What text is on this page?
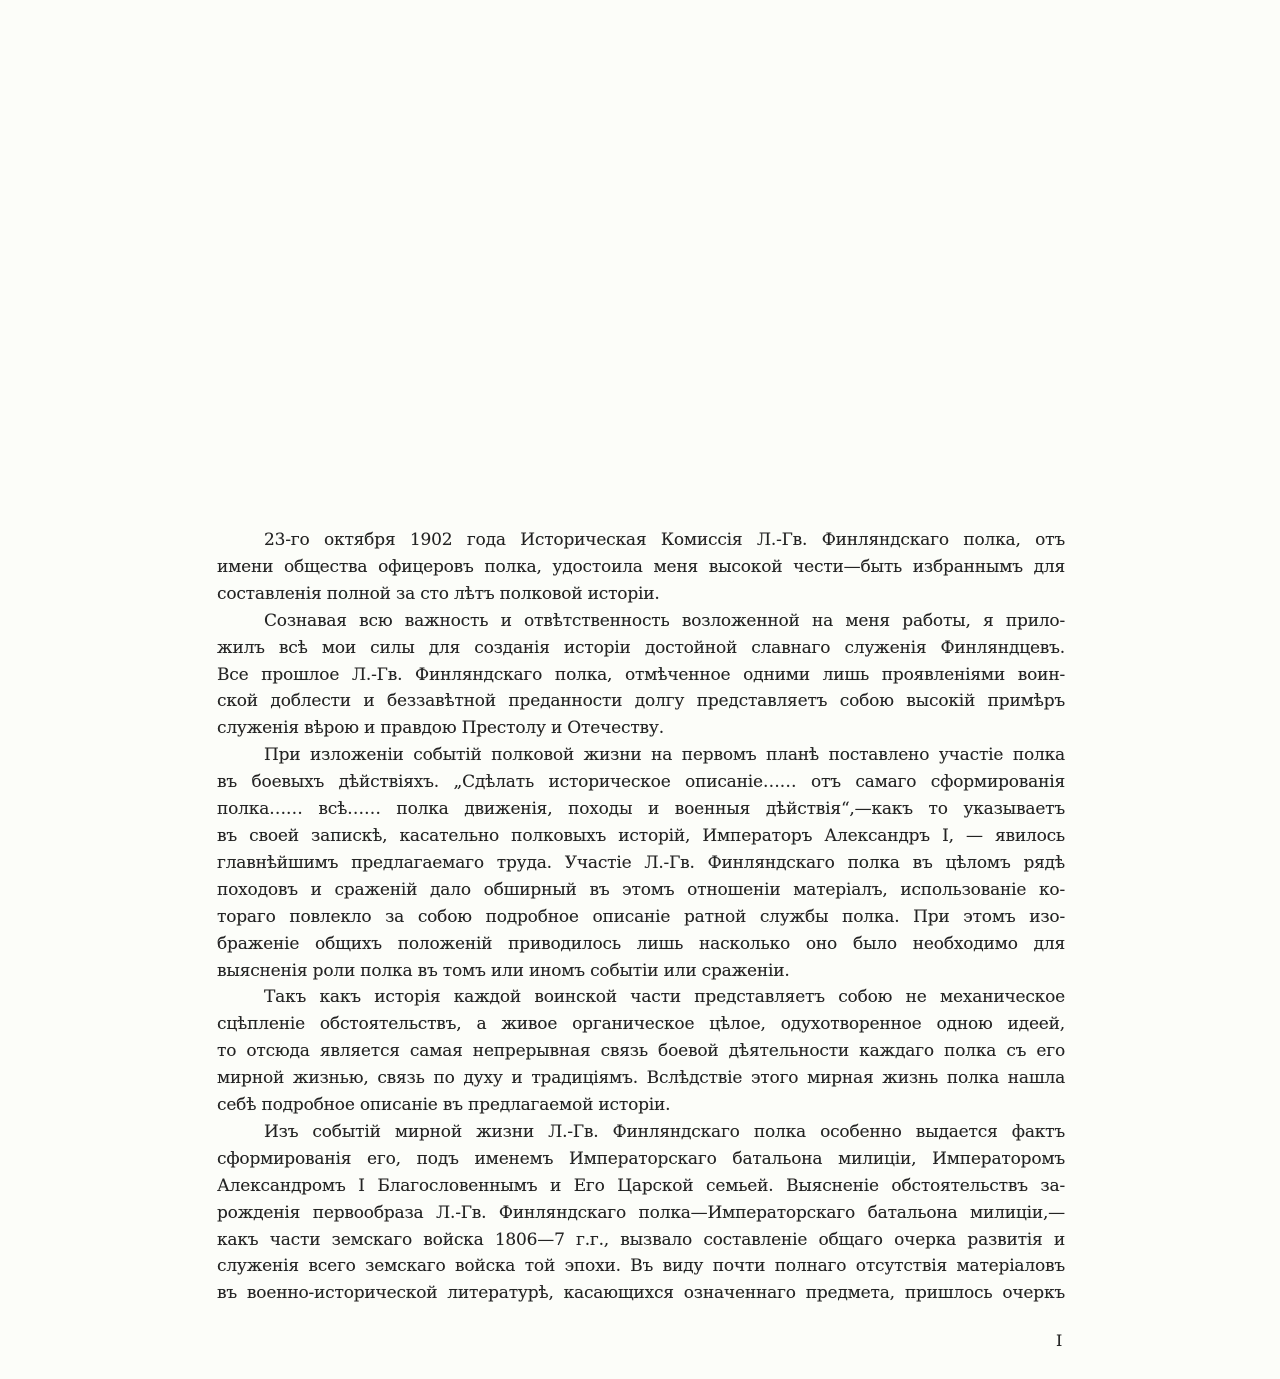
23-го октября 1902 года Историческая Комиссія Л.-Гв. Финляндскаго полка, отъ
имени общества офицеровъ полка, удостоила меня высокой чести—быть избраннымъ для
составленія полной за сто лѣтъ полковой исторіи.
Сознавая всю важность и отвѣтственность возложенной на меня работы, я прило-
жилъ всѣ мои силы для созданія исторіи достойной славнаго служенія Финляндцевъ.
Все прошлое Л.-Гв. Финляндскаго полка, отмѣченное одними лишь проявленіями воин-
ской доблести и беззавѣтной преданности долгу представляетъ собою высокій примѣръ
служенія вѣрою и правдою Престолу и Отечеству.
При изложеніи событій полковой жизни на первомъ планѣ поставлено участіе полка
въ боевыхъ дѣйствіяхъ. „Сдѣлать историческое описаніе…… отъ самаго сформированія
полка…… всѣ…… полка движенія, походы и военныя дѣйствія“,—какъ то указываетъ
въ своей запискѣ, касательно полковыхъ исторій, Императоръ Александръ I, — явилось
главнѣйшимъ предлагаемаго труда. Участіе Л.-Гв. Финляндскаго полка въ цѣломъ рядѣ
походовъ и сраженій дало обширный въ этомъ отношеніи матеріалъ, использованіе ко-
тораго повлекло за собою подробное описаніе ратной службы полка. При этомъ изо-
браженіе общихъ положеній приводилось лишь насколько оно было необходимо для
выясненія роли полка въ томъ или иномъ событіи или сраженіи.
Такъ какъ исторія каждой воинской части представляетъ собою не механическое
сцѣпленіе обстоятельствъ, а живое органическое цѣлое, одухотворенное одною идеей,
то отсюда является самая непрерывная связь боевой дѣятельности каждаго полка съ его
мирной жизнью, связь по духу и традиціямъ. Вслѣдствіе этого мирная жизнь полка нашла
себѣ подробное описаніе въ предлагаемой исторіи.
Изъ событій мирной жизни Л.-Гв. Финляндскаго полка особенно выдается фактъ
сформированія его, подъ именемъ Императорскаго батальона милиціи, Императоромъ
Александромъ I Благословеннымъ и Его Царской семьей. Выясненіе обстоятельствъ за-
рожденія первообраза Л.-Гв. Финляндскаго полка—Императорскаго батальона милиціи,—
какъ части земскаго войска 1806—7 г.г., вызвало составленіе общаго очерка развитія и
служенія всего земскаго войска той эпохи. Въ виду почти полнаго отсутствія матеріаловъ
въ военно-исторической литературѣ, касающихся означеннаго предмета, пришлось очеркъ
I
